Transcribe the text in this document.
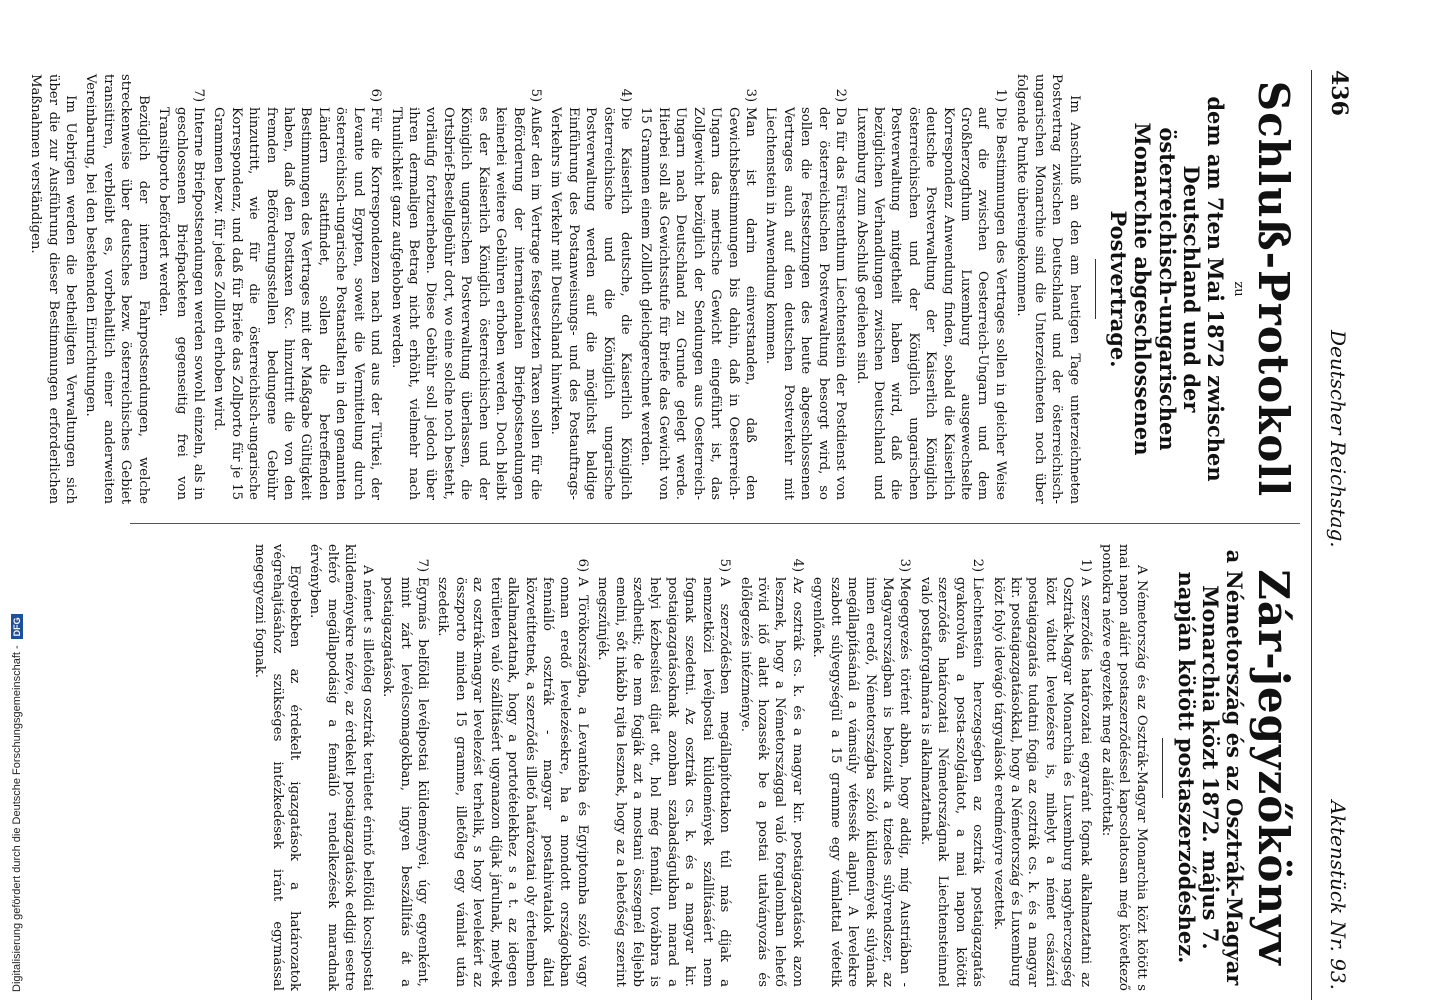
Digitalisierung gefördert durch die Deutsche Forschungsgemeinschaft -
DFG
436
Deutscher Reichstag.
Aktenstück Nr. 93.
Schluß-Protokoll
zu
dem am 7ten Mai 1872 zwischen Deutschland und der österreichisch-ungarischen Monarchie abgeschlossenen Postvertrage.
Im Anschluß an den am heutigen Tage unterzeichneten Postvertrag zwischen Deutschland und der österreichisch-ungarischen Monarchie sind die Unterzeichneten noch über folgende Punkte übereingekommen.
1)Die Bestimmungen des Vertrages sollen in gleicher Weise auf die zwischen Oesterreich-Ungarn und dem Großherzogthum Luxemburg ausgewechselte Korrespondenz Anwendung finden, sobald die Kaiserlich deutsche Postverwaltung der Kaiserlich Königlich österreichischen und der Königlich ungarischen Postverwaltung mitgetheilt haben wird, daß die bezüglichen Verhandlungen zwischen Deutschland und Luxemburg zum Abschluß gediehen sind.
2)Da für das Fürstenthum Liechtenstein der Postdienst von der österreichischen Postverwaltung besorgt wird, so sollen die Festsetzungen des heute abgeschlossenen Vertrages auch auf den deutschen Postverkehr mit Liechtenstein in Anwendung kommen.
3)Man ist darin einverstanden, daß den Gewichtsbestimmungen bis dahin, daß in Oesterreich-Ungarn das metrische Gewicht eingeführt ist, das Zollgewicht bezüglich der Sendungen aus Oesterreich-Ungarn nach Deutschland zu Grunde gelegt werde. Hierbei soll als Gewichtsstufe für Briefe das Gewicht von 15 Grammen einem Zollloth gleichgerechnet werden.
4)Die Kaiserlich deutsche, die Kaiserlich Königlich österreichische und die Königlich ungarische Postverwaltung werden auf die möglichst baldige Einführung des Postanweisungs- und des Postauftrags-Verkehrs im Verkehr mit Deutschland hinwirken.
5)Außer den im Vertrage festgesetzten Taxen sollen für die Beförderung der internationalen Briefpostsendungen keinerlei weitere Gebühren erhoben werden. Doch bleibt es der Kaiserlich Königlich österreichischen und der Königlich ungarischen Postverwaltung überlassen, die Ortsbrief-Bestellgebühr dort, wo eine solche noch besteht, vorläufig fortzuerheben. Diese Gebühr soll jedoch über ihren dermaligen Betrag nicht erhöht, vielmehr nach Thunlichkeit ganz aufgehoben werden.
6)Für die Korrespondenzen nach und aus der Türkei, der Levante und Egypten, soweit die Vermittelung durch österreichisch-ungarische Postanstalten in den genannten Ländern stattfindet, sollen die betreffenden Bestimmungen des Vertrages mit der Maßgabe Gültigkeit haben, daß den Posttaxen &c. hinzutritt die von den fremden Beförderungsstellen bedungene Gebühr hinzutritt, wie für die österreichisch-ungarische Korrespondenz, und daß für Briefe das Zollporto für je 15 Grammen bezw. für jedes Zollloth erhoben wird.
7)Interne Briefpostsendungen werden sowohl einzeln, als in geschlossenen Briefpacketen gegenseitig frei von Transitporto befördert werden.
Bezüglich der internen Fahrpostsendungen, welche streckenweise über deutsches bezw. österreichisches Gebiet transitiren, verbleibt es, vorbehaltlich einer anderweiten Vereinbarung, bei den bestehenden Einrichtungen.
Im Uebrigen werden die betheiligten Verwaltungen sich über die zur Ausführung dieser Bestimmungen erforderlichen Maßnahmen verständigen.
Zár-jegyzőkönyv
a Németország és az Osztrák-Magyar Monarchia közt 1872. május 7. napján kötött postaszerződéshez.
A Németország és az Osztrák-Magyar Monarchia közt kötött s mai napon aláírt postaszerződéssel kapcsolatosan még következő pontokra nézve egyeztek meg az aláírottak:
1)A szerződés határozatai egyaránt fognak alkalmaztatni az Osztrák-Magyar Monarchia és Luxemburg nagyherczegség közt váltott levelezésre is, mihelyt a német császári postaigazgatás tudatni fogja az osztrák cs. k. és a magyar kir. postaigazgatásokkal, hogy a Németország és Luxemburg közt folyó idevágó tárgyalások eredményre vezettek.
2)Liechtenstein herczegségben az osztrák postaigazgatás gyakorolván a posta-szolgálatot, a mai napon kötött szerződés határozatai Németországnak Liechtensteinnel való postaforgalmára is alkalmaztatnak.
3)Megegyezés történt abban, hogy addig, míg Austriában - Magyarországban is behozatik a tizedes súlyrendszer, az innen eredő, Németországba szóló küldemények súlyának megállapításánál a vámsúly vétessék alapul. A levelekre szabott súlyegységül a 15 gramme egy vámlattal vétetik egyenlőnek.
4)Az osztrák cs. k. és a magyar kir. postaigazgatások azon lesznek, hogy a Németországgal való forgalomban lehető rövid idő alatt hozassék be a postai utalványozás és előlegezés intézménye.
5)A szerződésben megállapítottakon túl más díjak a nemzetközi levélpostai küldemények szállításáért nem fognak szedetni. Az osztrák cs. k. és a magyar kir. postaigazgatásoknak azonban szabadságukban marad a helyi kézbesítési díjat ott, hol még fennáll, továbbra is szedhetik; de nem fogják azt a mostani összegnél feljebb emelni, sőt inkább rajta lesznek, hogy az a lehetőség szerint megszűnjék.
6)A Törökországba, a Levantéba és Egyiptomba szóló vagy onnan eredő levelezésekre, ha a mondott országokban fennálló osztrák - magyar postahivatalok által közvetíttetnek, a szerződés illető határozatai oly értelemben alkalmaztatnak, hogy a portotételekhez s a t. az idegen területen való szállításért ugyanazon díjak járulnak, melyek az osztrák-magyar levelezést terhelik, s hogy levelekért az összporto minden 15 gramme, illetőleg egy vámlat után szedetik.
7)Egymás belföldi levélpostai küldeményei, úgy egyenként, mint zárt levélcsomagokban, ingyen beszállítás át a postaigazgatások.
A német s illetőleg osztrák területet érintő belföldi kocsipostai küldeményekre nézve, az érdekelt postaigazgatások eddigi esetre eltérő megállapodásig a fennálló rendelkezések maradnak érvényben.
Egyebekben az érdekelt igazgatások a határozatok végrehajtásához szükséges intézkedések iránt egymással megegyezni fognak.
